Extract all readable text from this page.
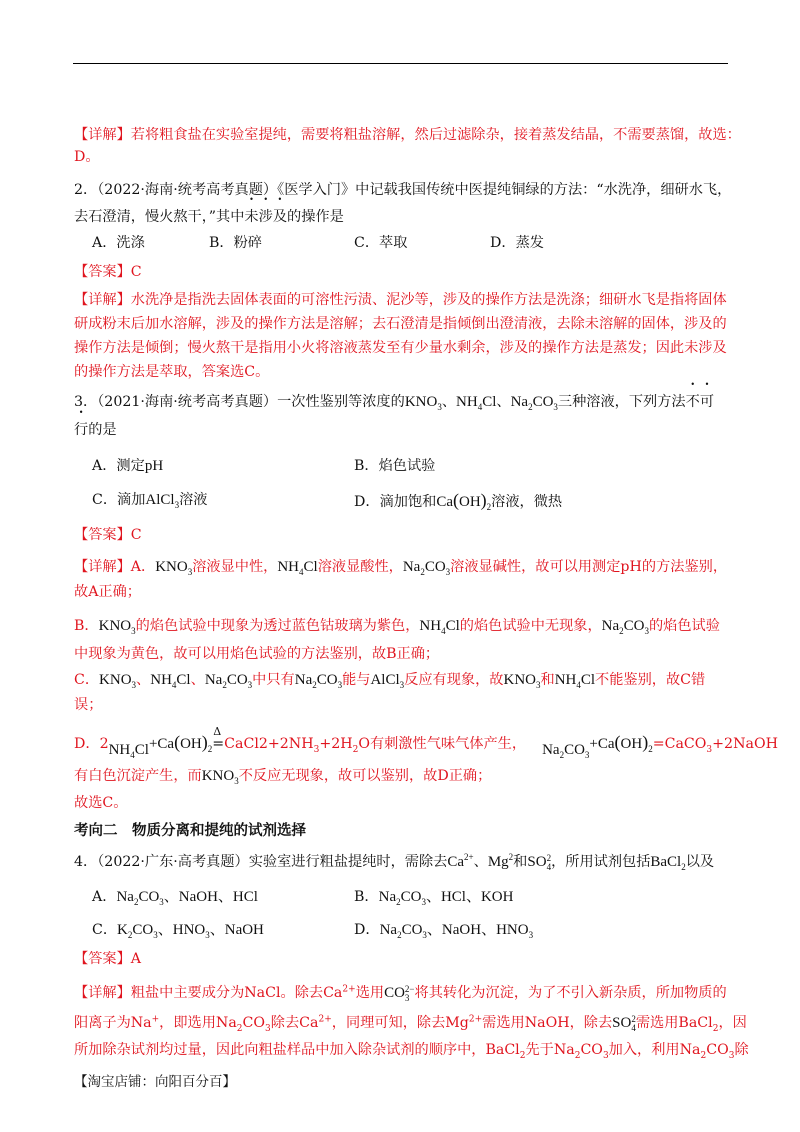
【详解】若将粗食盐在实验室提纯，需要将粗盐溶解，然后过滤除杂，接着蒸发结晶，不需要蒸馏，故选：
D。
2．（2022·海南·统考高考真题）《医学入门》中记载我国传统中医提纯铜绿的方法：“水洗净，细研水飞，
去石澄清，慢火熬干，”其中未涉及的操作是
A．洗涤	B．粉碎	C．萃取	D．蒸发
【答案】C
【详解】水洗净是指洗去固体表面的可溶性污渍、泥沙等，涉及的操作方法是洗涤；细研水飞是指将固体
研成粉末后加水溶解，涉及的操作方法是溶解；去石澄清是指倾倒出澄清液，去除未溶解的固体，涉及的
操作方法是倾倒；慢火熬干是指用小火将溶液蒸发至有少量水剩余，涉及的操作方法是蒸发；因此未涉及
的操作方法是萃取，答案选C。
3．（2021·海南·统考高考真题）一次性鉴别等浓度的$KNO_3$、$NH_4Cl$、$Na_2CO_3$三种溶液，下列方法不可
行的是
A．测定pH	B．焰色试验
C．滴加AlCl$_3$溶液	D．滴加饱和$Ca(OH)_2$溶液，微热
【答案】C
【详解】A．$KNO_3$溶液显中性，$NH_4Cl$溶液显酸性，$Na_2CO_3$溶液显碱性，故可以用测定pH的方法鉴别，
故A正确；
B．$KNO_3$的焰色试验中现象为透过蓝色钴玻璃为紫色，$NH_4Cl$的焰色试验中无现象，$Na_2CO_3$的焰色试验
中现象为黄色，故可以用焰色试验的方法鉴别，故B正确；
C．$KNO_3$、$NH_4Cl$、$Na_2CO_3$中只有$Na_2CO_3$能与AlCl$_3$反应有现象，故$KNO_3$和$NH_4Cl$不能鉴别，故C错
误；
D．$2NH_4Cl+Ca(OH)_2$
Δ
$=CaCl2+2NH_3+2H_2O$有刺激性气味气体产生， $Na_2CO_3+Ca(OH)_2=CaCO_3+2NaOH$
有白色沉淀产生，而$KNO_3$不反应无现象，故可以鉴别，故D正确；
故选C。
考向二　物质分离和提纯的试剂选择
4．（2022·广东·高考真题）实验室进行粗盐提纯时，需除去$Ca^{2+}$、Mg$^2$和SO 2
4 ，所用试剂包括BaCl$_2$以及
A．$Na_2CO_3$、NaOH、HCl	B．$Na_2CO_3$、HCl、KOH
C．$K_2CO_3$、$HNO_3$、NaOH	D．$Na_2CO_3$、NaOH、$HNO_3$
【答案】A
【详解】粗盐中主要成分为NaCl。除去$Ca^{2+}$选用CO 2−
3 将其转化为沉淀，为了不引入新杂质，所加物质的
阳离子为Na+，即选用$Na_2CO_3$除去$Ca^{2+}$，同理可知，除去$Mg^{2+}$需选用NaOH，除去SO 2
4 需选用BaCl$_2$，因
所加除杂试剂均过量，因此向粗盐样品中加入除杂试剂的顺序中，BaCl$_2$先于$Na_2CO_3$加入，利用$Na_2CO_3$除
【淘宝店铺：向阳百分百】
